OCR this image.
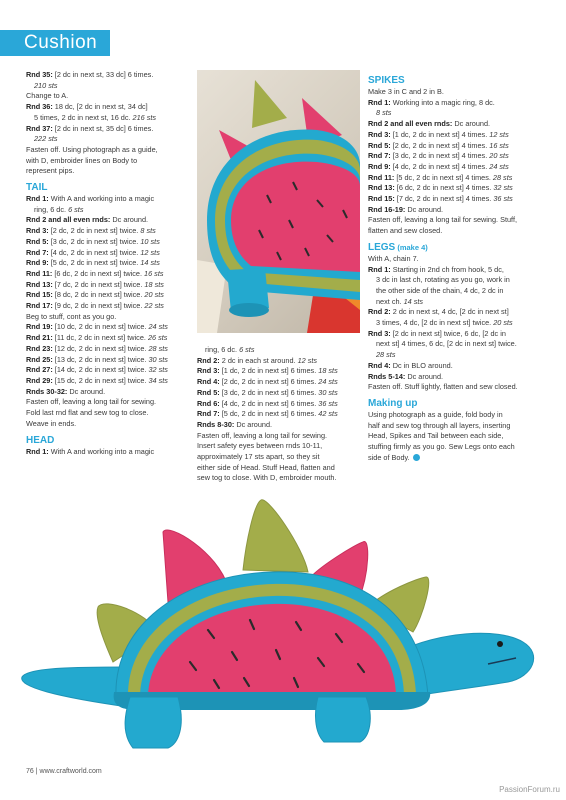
Cushion
Rnd 35: [2 dc in next st, 33 dc] 6 times.
210 sts
Change to A.
Rnd 36: 18 dc, [2 dc in next st, 34 dc]
5 times, 2 dc in next st, 16 dc. 216 sts
Rnd 37: [2 dc in next st, 35 dc] 6 times.
222 sts
Fasten off. Using photograph as a guide,
with D, embroider lines on Body to
represent pips.
TAIL
Rnd 1: With A and working into a magic
ring, 6 dc. 6 sts
Rnd 2 and all even rnds: Dc around.
Rnd 3: [2 dc, 2 dc in next st] twice. 8 sts
Rnd 5: [3 dc, 2 dc in next st] twice. 10 sts
Rnd 7: [4 dc, 2 dc in next st] twice. 12 sts
Rnd 9: [5 dc, 2 dc in next st] twice. 14 sts
Rnd 11: [6 dc, 2 dc in next st] twice. 16 sts
Rnd 13: [7 dc, 2 dc in next st] twice. 18 sts
Rnd 15: [8 dc, 2 dc in next st] twice. 20 sts
Rnd 17: [9 dc, 2 dc in next st] twice. 22 sts
Beg to stuff, cont as you go.
Rnd 19: [10 dc, 2 dc in next st] twice. 24 sts
Rnd 21: [11 dc, 2 dc in next st] twice. 26 sts
Rnd 23: [12 dc, 2 dc in next st] twice. 28 sts
Rnd 25: [13 dc, 2 dc in next st] twice. 30 sts
Rnd 27: [14 dc, 2 dc in next st] twice. 32 sts
Rnd 29: [15 dc, 2 dc in next st] twice. 34 sts
Rnds 30-32: Dc around.
Fasten off, leaving a long tail for sewing.
Fold last rnd flat and sew tog to close.
Weave in ends.
HEAD
Rnd 1: With A and working into a magic
ring, 6 dc. 6 sts
Rnd 2: 2 dc in each st around. 12 sts
Rnd 3: [1 dc, 2 dc in next st] 6 times. 18 sts
Rnd 4: [2 dc, 2 dc in next st] 6 times. 24 sts
Rnd 5: [3 dc, 2 dc in next st] 6 times. 30 sts
Rnd 6: [4 dc, 2 dc in next st] 6 times. 36 sts
Rnd 7: [5 dc, 2 dc in next st] 6 times. 42 sts
Rnds 8-30: Dc around.
Fasten off, leaving a long tail for sewing.
Insert safety eyes between rnds 10-11,
approximately 17 sts apart, so they sit
either side of Head. Stuff Head, flatten and
sew tog to close. With D, embroider mouth.
SPIKES
Make 3 in C and 2 in B.
Rnd 1: Working into a magic ring, 8 dc.
8 sts
Rnd 2 and all even rnds: Dc around.
Rnd 3: [1 dc, 2 dc in next st] 4 times. 12 sts
Rnd 5: [2 dc, 2 dc in next st] 4 times. 16 sts
Rnd 7: [3 dc, 2 dc in next st] 4 times. 20 sts
Rnd 9: [4 dc, 2 dc in next st] 4 times. 24 sts
Rnd 11: [5 dc, 2 dc in next st] 4 times. 28 sts
Rnd 13: [6 dc, 2 dc in next st] 4 times. 32 sts
Rnd 15: [7 dc, 2 dc in next st] 4 times. 36 sts
Rnd 16-19: Dc around.
Fasten off, leaving a long tail for sewing. Stuff,
flatten and sew closed.
LEGS (make 4)
With A, chain 7.
Rnd 1: Starting in 2nd ch from hook, 5 dc,
3 dc in last ch, rotating as you go, work in
the other side of the chain, 4 dc, 2 dc in
next ch. 14 sts
Rnd 2: 2 dc in next st, 4 dc, [2 dc in next st]
3 times, 4 dc, [2 dc in next st] twice. 20 sts
Rnd 3: [2 dc in next st] twice, 6 dc, [2 dc in
next st] 4 times, 6 dc, [2 dc in next st] twice.
28 sts
Rnd 4: Dc in BLO around.
Rnds 5-14: Dc around.
Fasten off. Stuff lightly, flatten and sew closed.
Making up
Using photograph as a guide, fold body in
half and sew tog through all layers, inserting
Head, Spikes and Tail between each side,
stuffing firmly as you go. Sew Legs onto each
side of Body.
76 | www.craftworld.com
PassionForum.ru
